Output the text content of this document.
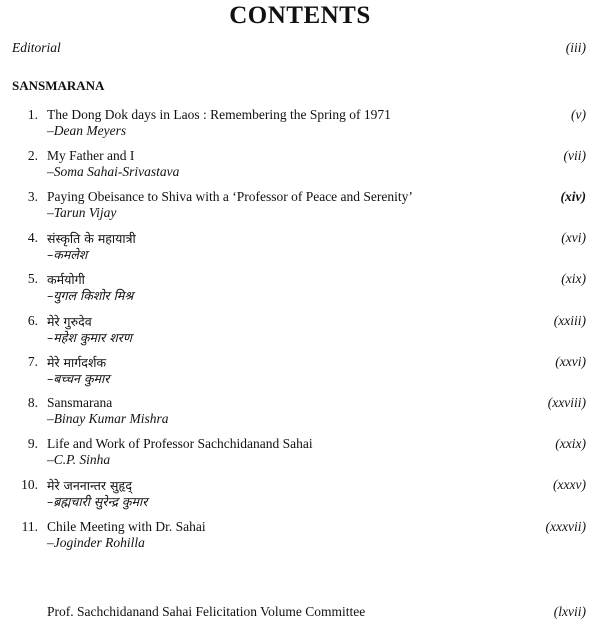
CONTENTS
Editorial	(iii)
SANSMARANA
1. The Dong Dok days in Laos : Remembering the Spring of 1971
–Dean Meyers
(v)
2. My Father and I
–Soma Sahai-Srivastava
(vii)
3. Paying Obeisance to Shiva with a ‘Professor of Peace and Serenity’
–Tarun Vijay
(xiv)
4. संस्कृति के महायात्री
–कमलेश
(xvi)
5. कर्मयोगी
–युगल किशोर मिश्र
(xix)
6. मेरे गुरुदेव
–महेश कुमार शरण
(xxiii)
7. मेरे मार्गदर्शक
–बच्चन कुमार
(xxvi)
8. Sansmarana
–Binay Kumar Mishra
(xxviii)
9. Life and Work of Professor Sachchidanand Sahai
–C.P. Sinha
(xxix)
10. मेरे जननान्तर सुहृद्
–ब्रह्मचारी सुरेन्द्र कुमार
(xxxv)
11. Chile Meeting with Dr. Sahai
–Joginder Rohilla
(xxxvii)
Prof. Sachchidanand Sahai Felicitation Volume Committee	(lxvii)
